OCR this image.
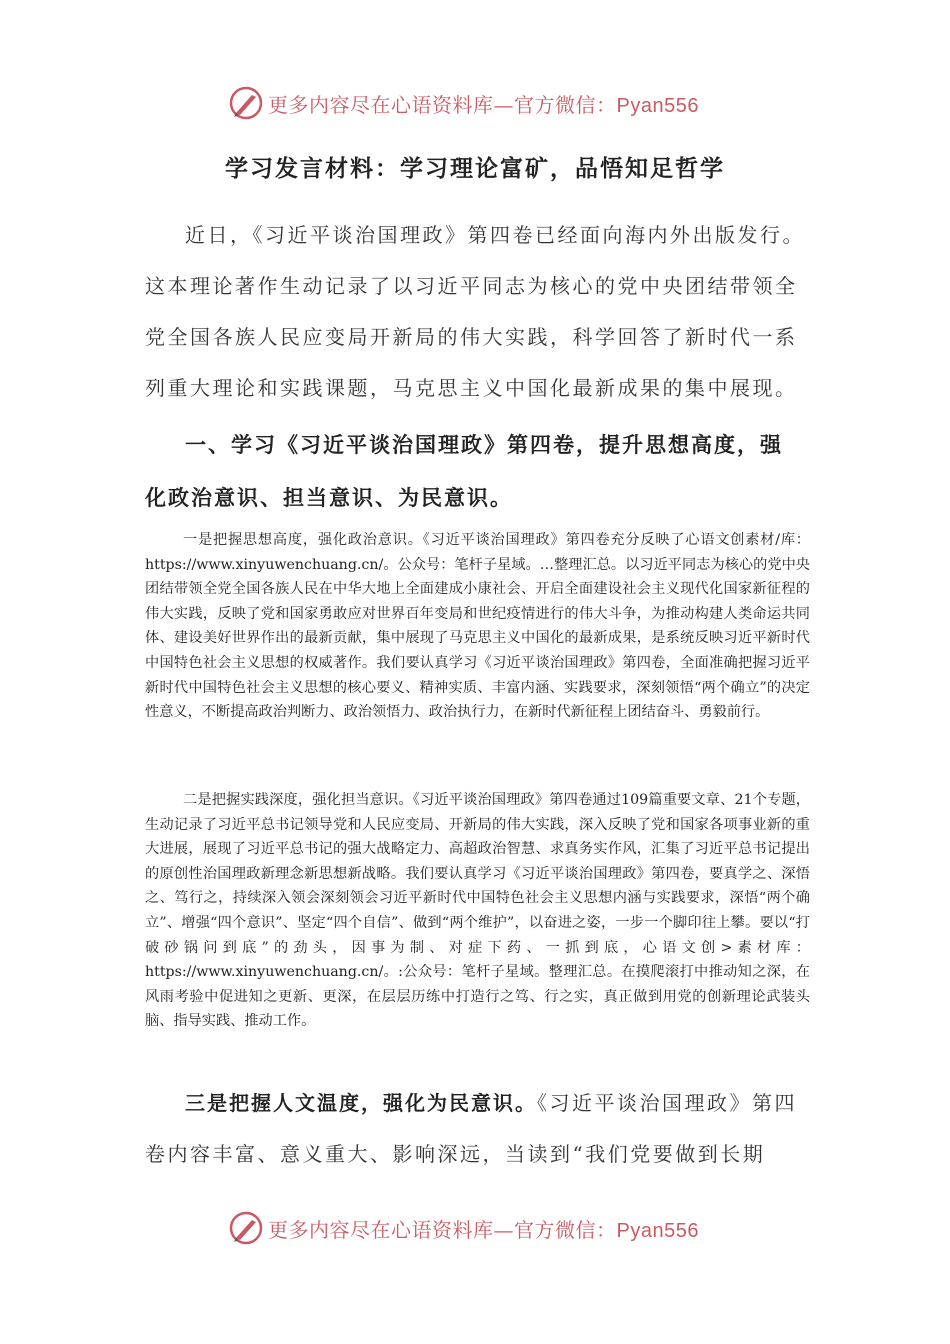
更多内容尽在心语资料库—官方微信：Pyan556
学习发言材料：学习理论富矿，品悟知足哲学

近日，《习近平谈治国理政》第四卷已经面向海内外出版发行。这本理论著作生动记录了以习近平同志为核心的党中央团结带领全党全国各族人民应变局开新局的伟大实践，科学回答了新时代一系列重大理论和实践课题，马克思主义中国化最新成果的集中展现。

一、学习《习近平谈治国理政》第四卷，提升思想高度，强化政治意识、担当意识、为民意识。

一是把握思想高度，强化政治意识。《习近平谈治国理政》第四卷充分反映了心语文创素材/库：https://www.xinyuwenchuang.cn/。公众号：笔杆子星域。…整理汇总。以习近平同志为核心的党中央团结带领全党全国各族人民在中华大地上全面建成小康社会、开启全面建设社会主义现代化国家新征程的伟大实践，反映了党和国家勇敢应对世界百年变局和世纪疫情进行的伟大斗争，为推动构建人类命运共同体、建设美好世界作出的最新贡献，集中展现了马克思主义中国化的最新成果，是系统反映习近平新时代中国特色社会主义思想的权威著作。我们要认真学习《习近平谈治国理政》第四卷，全面准确把握习近平新时代中国特色社会主义思想的核心要义、精神实质、丰富内涵、实践要求，深刻领悟“两个确立”的决定性意义，不断提高政治判断力、政治领悟力、政治执行力，在新时代新征程上团结奋斗、勇毅前行。

二是把握实践深度，强化担当意识。《习近平谈治国理政》第四卷通过109篇重要文章、21个专题，生动记录了习近平总书记领导党和人民应变局、开新局的伟大实践，深入反映了党和国家各项事业新的重大进展，展现了习近平总书记的强大战略定力、高超政治智慧、求真务实作风，汇集了习近平总书记提出的原创性治国理政新理念新思想新战略。我们要认真学习《习近平谈治国理政》第四卷，要真学之、深悟之、笃行之，持续深入领会深刻领会习近平新时代中国特色社会主义思想内涵与实践要求，深悟“两个确立”、增强“四个意识”、坚定“四个自信”、做到“两个维护”，以奋进之姿，一步一个脚印往上攀。要以“打破砂锅问到底”的劲头，因事为制、对症下药、一抓到底，心语文创>素材库：https://www.xinyuwenchuang.cn/。:公众号：笔杆子星域。整理汇总。在摸爬滚打中推动知之深，在风雨考验中促进知之更新、更深，在层层历练中打造行之笃、行之实，真正做到用党的创新理论武装头脑、指导实践、推动工作。

三是把握人文温度，强化为民意识。《习近平谈治国理政》第四卷内容丰富、意义重大、影响深远，当读到“我们党要做到长期

更多内容尽在心语资料库—官方微信：Pyan556
